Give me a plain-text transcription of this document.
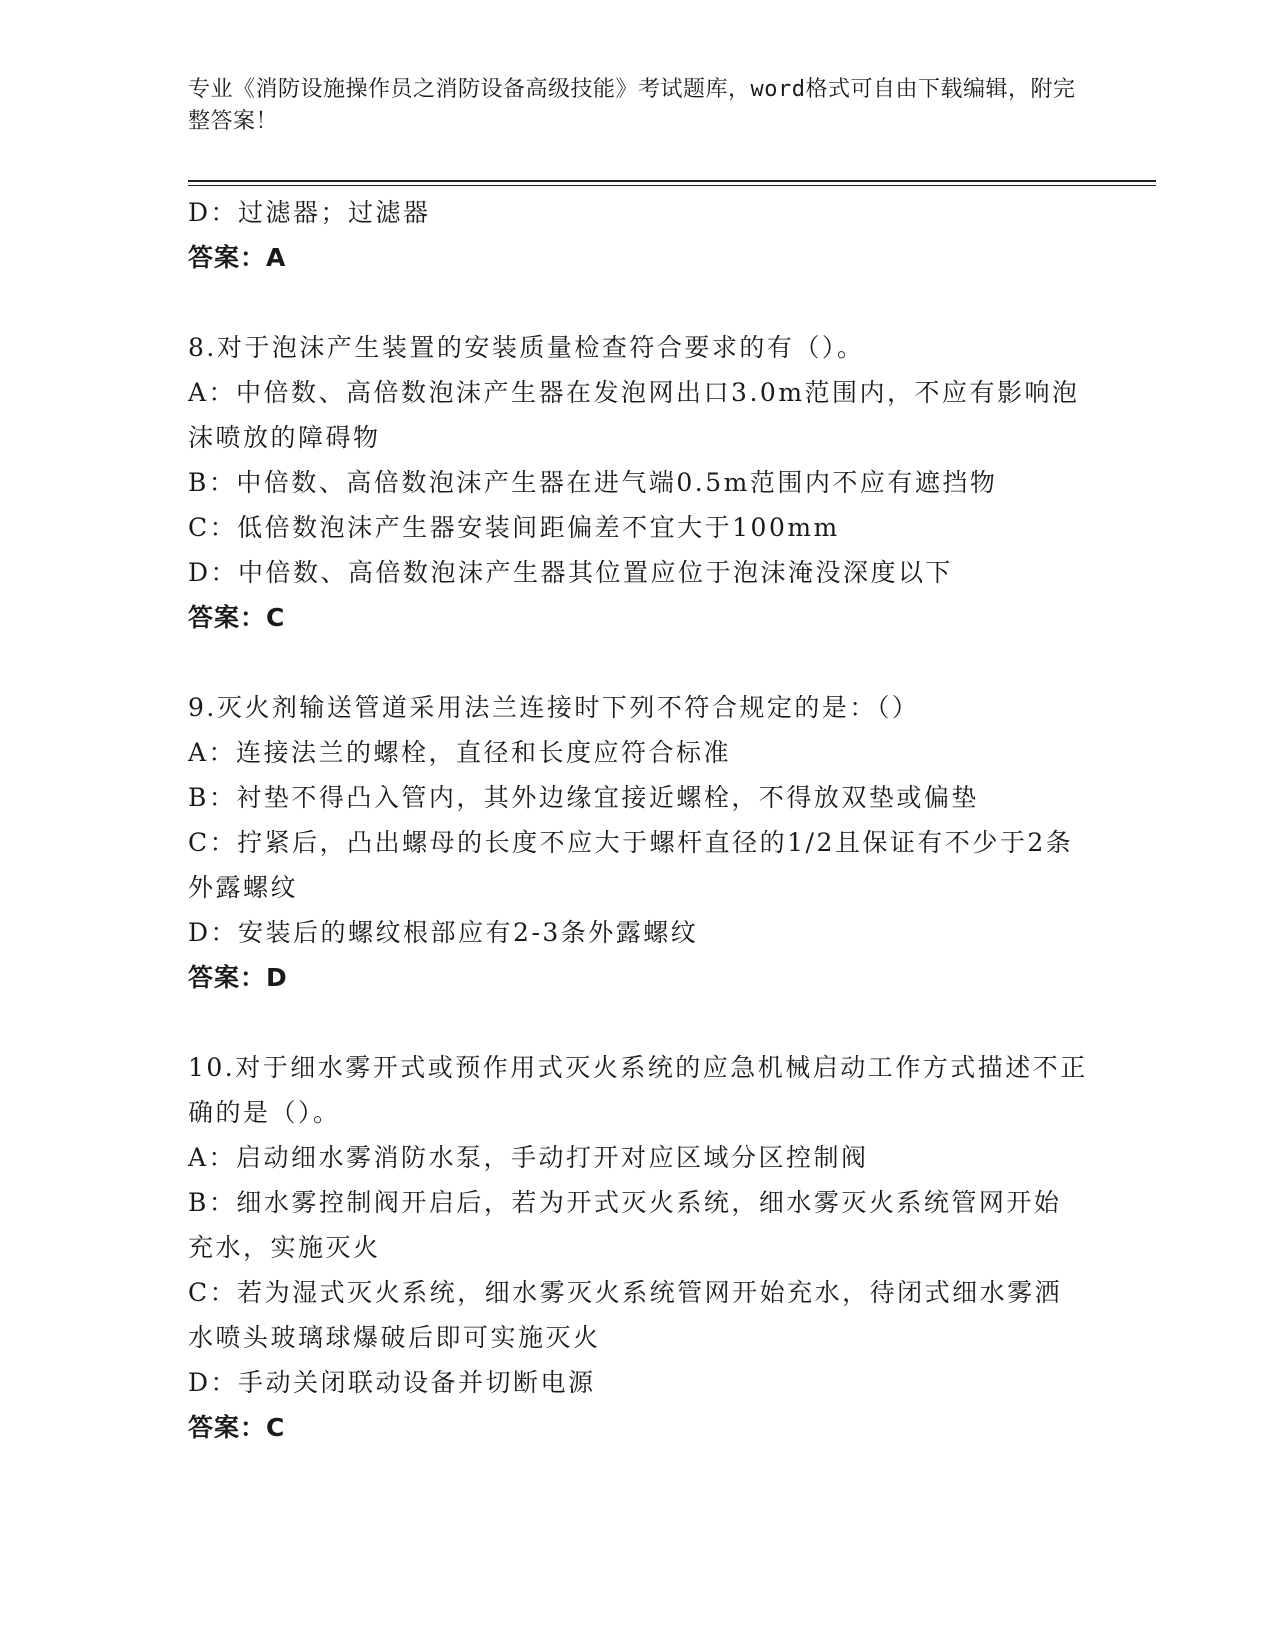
专业《消防设施操作员之消防设备高级技能》考试题库，word格式可自由下载编辑，附完整答案！
D：过滤器；过滤器
答案：A
8.对于泡沫产生装置的安装质量检查符合要求的有（）。
A：中倍数、高倍数泡沫产生器在发泡网出口3.0m范围内，不应有影响泡沫喷放的障碍物
B：中倍数、高倍数泡沫产生器在进气端0.5m范围内不应有遮挡物
C：低倍数泡沫产生器安装间距偏差不宜大于100mm
D：中倍数、高倍数泡沫产生器其位置应位于泡沫淹没深度以下
答案：C
9.灭火剂输送管道采用法兰连接时下列不符合规定的是：（）
A：连接法兰的螺栓，直径和长度应符合标准
B：衬垫不得凸入管内，其外边缘宜接近螺栓，不得放双垫或偏垫
C：拧紧后，凸出螺母的长度不应大于螺杆直径的1/2且保证有不少于2条外露螺纹
D：安装后的螺纹根部应有2-3条外露螺纹
答案：D
10.对于细水雾开式或预作用式灭火系统的应急机械启动工作方式描述不正确的是（）。
A：启动细水雾消防水泵，手动打开对应区域分区控制阀
B：细水雾控制阀开启后，若为开式灭火系统，细水雾灭火系统管网开始充水，实施灭火
C：若为湿式灭火系统，细水雾灭火系统管网开始充水，待闭式细水雾洒水喷头玻璃球爆破后即可实施灭火
D：手动关闭联动设备并切断电源
答案：C
